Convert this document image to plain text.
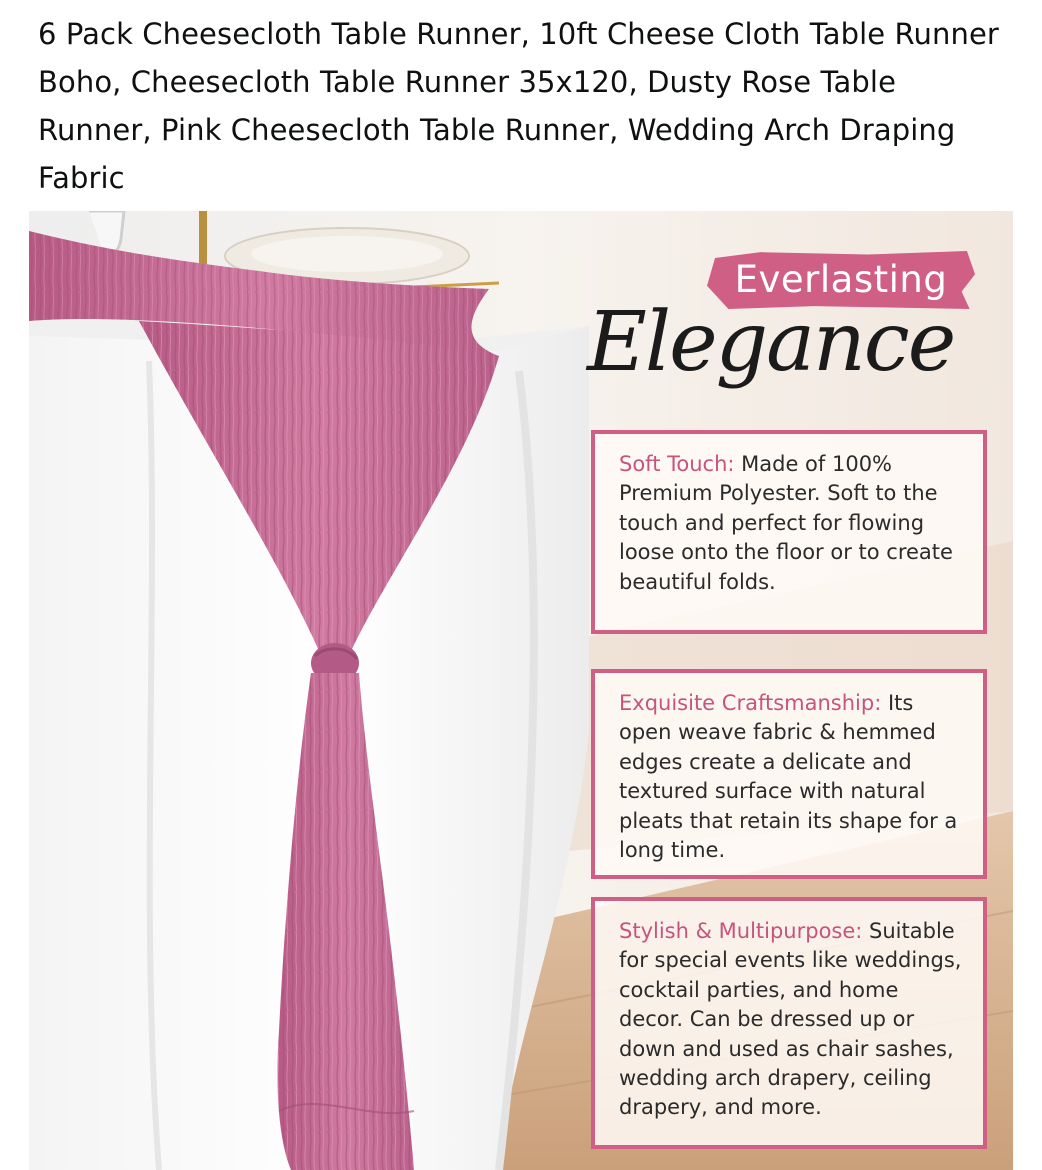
6 Pack Cheesecloth Table Runner, 10ft Cheese Cloth Table Runner Boho, Cheesecloth Table Runner 35x120, Dusty Rose Table Runner, Pink Cheesecloth Table Runner, Wedding Arch Draping Fabric
Everlasting
Elegance
Soft Touch: Made of 100% Premium Polyester. Soft to the touch and perfect for flowing loose onto the floor or to create beautiful folds.
Exquisite Craftsmanship: Its open weave fabric & hemmed edges create a delicate and textured surface with natural pleats that retain its shape for a long time.
Stylish & Multipurpose: Suitable for special events like weddings, cocktail parties, and home decor. Can be dressed up or down and used as chair sashes, wedding arch drapery, ceiling drapery, and more.
